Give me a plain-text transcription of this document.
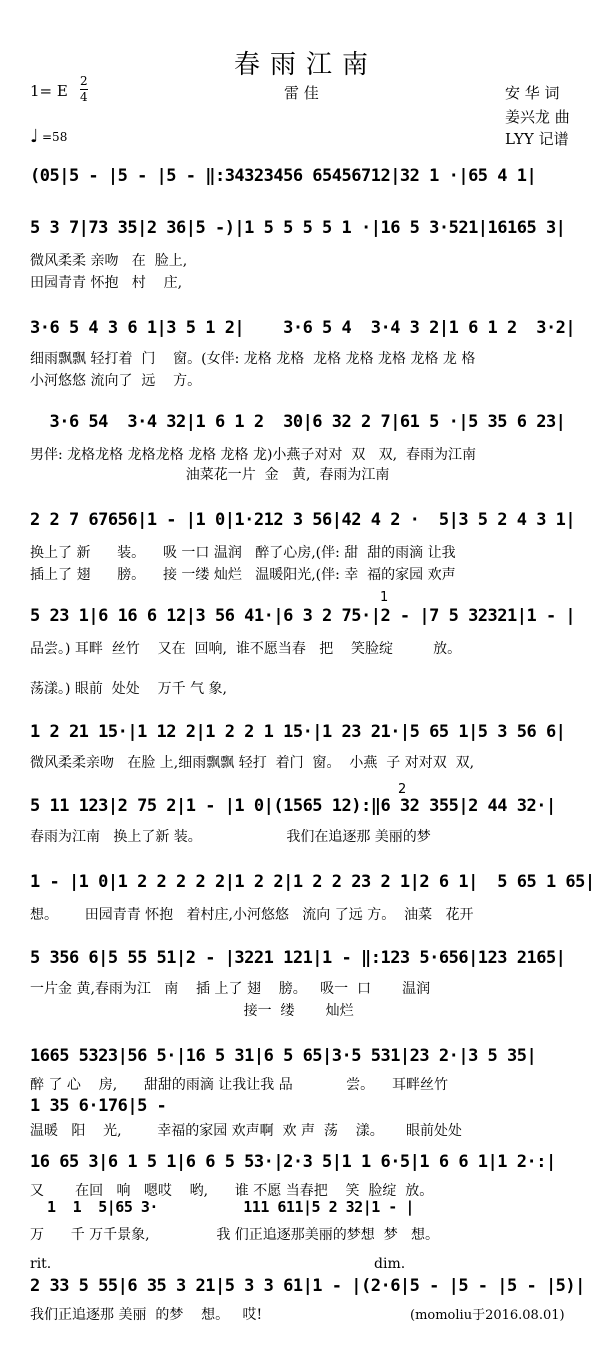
春雨江南
1= E
2
4	雷 佳	安 华 词
姜兴龙 曲
LYY 记谱
♩ =58
(05|5 - |5 - |5 - ‖:34323456 65456712|32 1 ·|65 4 1|
5 3 7|73 35|2 36|5 -)|1 5 5 5 5 1 ·|16 5 3·521|16165 3|
微风柔柔 亲吻   在  脸上,
田园青青 怀抱   村    庄,
3·6 5 4 3 6 1|3 5 1 2|    3·6 5 4  3·4 3 2|1 6 1 2  3·2|
细雨飘飘 轻打着  门    窗。(女伴: 龙格 龙格  龙格 龙格 龙格 龙格 龙 格
小河悠悠 流向了  远    方。
3·6 54  3·4 32|1 6 1 2  30|6 32 2 7|61 5 ·|5 35 6 23|
男伴: 龙格龙格 龙格龙格 龙格 龙格 龙)小燕子对对  双   双,  春雨为江南
油菜花一片  金   黄,  春雨为江南
2 2 7 67656|1 - |1 0|1·212 3 56|42 4 2 ·  5|3 5 2 4 3 1|
换上了 新      装。    吸 一口 温润   醉了心房,(伴: 甜  甜的雨滴 让我
插上了 翅      膀。    接 一缕 灿烂   温暖阳光,(伴: 幸  福的家园 欢声
1
5 23 1|6 16 6 12|3 56 41·|6 3 2 75·|2 - |7 5 32321|1 - |
品尝。) 耳畔  丝竹    又在  回响,  谁不愿当春   把    笑脸绽         放。
荡漾。) 眼前  处处    万千 气 象,
1 2 21 15·|1 12 2|1 2 2 1 15·|1 23 21·|5 65 1|5 3 56 6|
微风柔柔亲吻   在脸 上,细雨飘飘 轻打  着门  窗。  小燕  子 对对双  双,
2
5 11 123|2 75 2|1 - |1 0|(1565 12):‖6 32 355|2 44 32·|
春雨为江南   换上了新 装。                   我们在追逐那 美丽的梦
1 - |1 0|1 2 2 2 2 2|1 2 2|1 2 2 23 2 1|2 6 1|  5 65 1 65|
想。      田园青青 怀抱   着村庄,小河悠悠   流向 了远 方。  油菜   花开
5 356 6|5 55 51|2 - |3221 121|1 - ‖:123 5·656|123 2165|
一片金 黄,春雨为江   南    插 上了 翅    膀。   吸一  口       温润
接一  缕       灿烂
1665 5323|56 5·|16 5 31|6 5 65|3·5 531|23 2·|3 5 35|
醉 了 心    房,      甜甜的雨滴 让我让我 品            尝。    耳畔丝竹
1 35 6·176|5 -
温暖   阳    光,        幸福的家园 欢声啊  欢 声  荡    漾。     眼前处处
16 65 3|6 1 5 1|6 6 5 53·|2·3 5|1 1 6·5|1 6 6 1|1 2·:|
1  1  5|65 3·          111 611|5 2 32|1 - |
又       在回   响   嗯哎    哟,      谁 不愿 当春把    笑  脸绽  放。
万      千 万千景象,               我 们正追逐那美丽的梦想  梦   想。
rit.	dim.
2 33 5 55|6 35 3 21|5 3 3 61|1 - |(2·6|5 - |5 - |5 - |5)|
我们正追逐那 美丽  的梦    想。   哎!	(momoliu于2016.08.01)
